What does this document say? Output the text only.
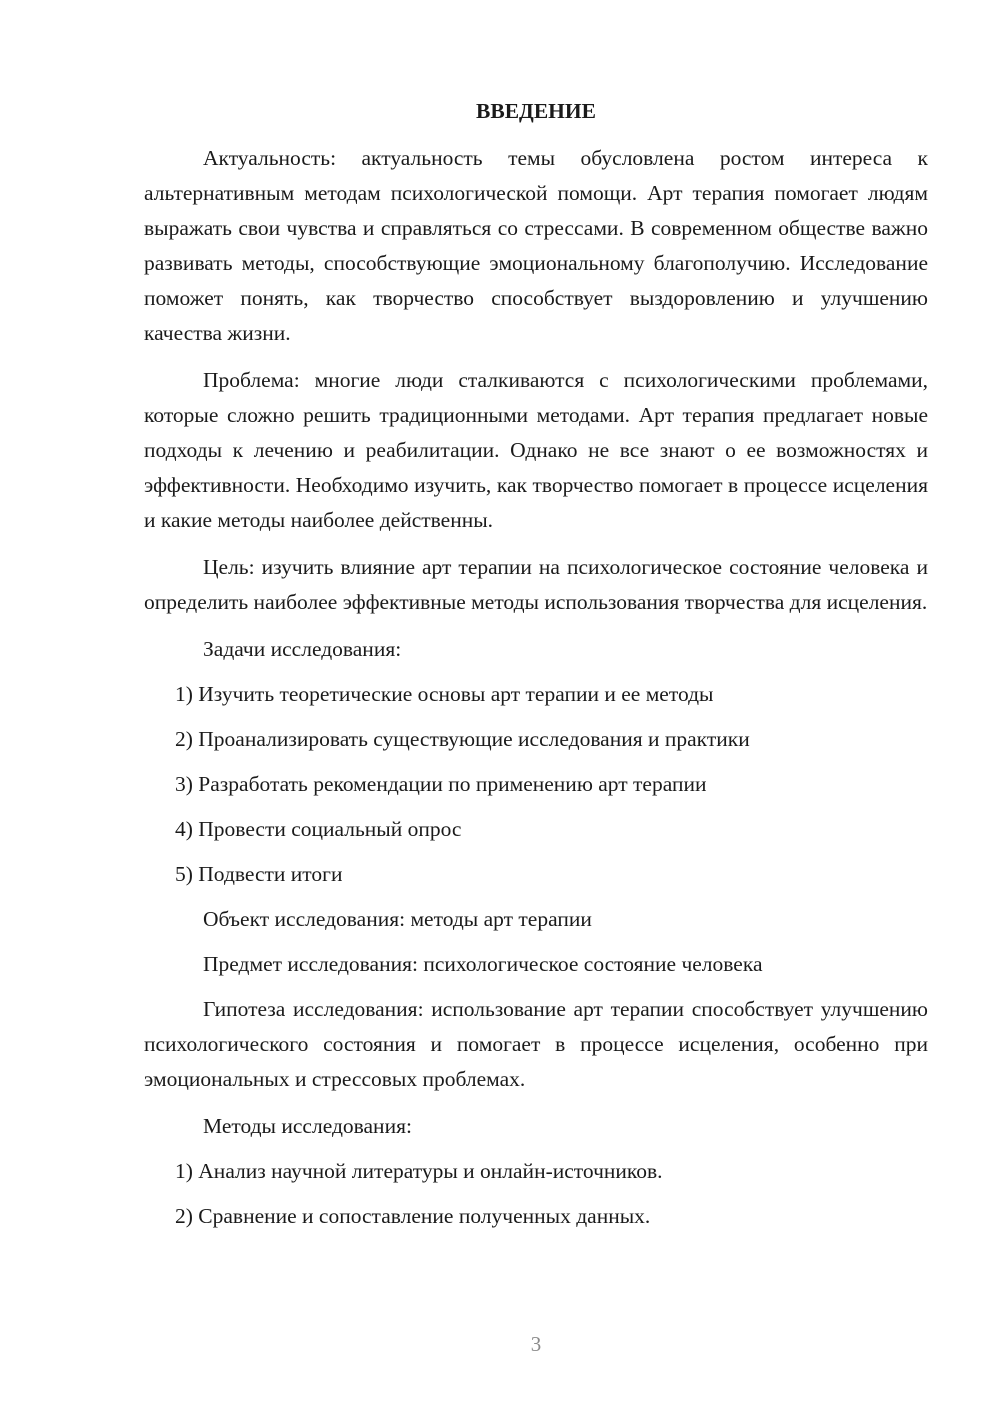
ВВЕДЕНИЕ

Актуальность: актуальность темы обусловлена ростом интереса к альтернативным методам психологической помощи. Арт терапия помогает людям выражать свои чувства и справляться со стрессами. В современном обществе важно развивать методы, способствующие эмоциональному благополучию. Исследование поможет понять, как творчество способствует выздоровлению и улучшению качества жизни.

Проблема: многие люди сталкиваются с психологическими проблемами, которые сложно решить традиционными методами. Арт терапия предлагает новые подходы к лечению и реабилитации. Однако не все знают о ее возможностях и эффективности. Необходимо изучить, как творчество помогает в процессе исцеления и какие методы наиболее действенны.

Цель: изучить влияние арт терапии на психологическое состояние человека и определить наиболее эффективные методы использования творчества для исцеления.

Задачи исследования:

1) Изучить теоретические основы арт терапии и ее методы

2) Проанализировать существующие исследования и практики

3) Разработать рекомендации по применению арт терапии

4) Провести социальный опрос

5) Подвести итоги

Объект исследования: методы арт терапии

Предмет исследования: психологическое состояние человека

Гипотеза исследования: использование арт терапии способствует улучшению психологического состояния и помогает в процессе исцеления, особенно при эмоциональных и стрессовых проблемах.

Методы исследования:

1) Анализ научной литературы и онлайн-источников.

2) Сравнение и сопоставление полученных данных.

3
